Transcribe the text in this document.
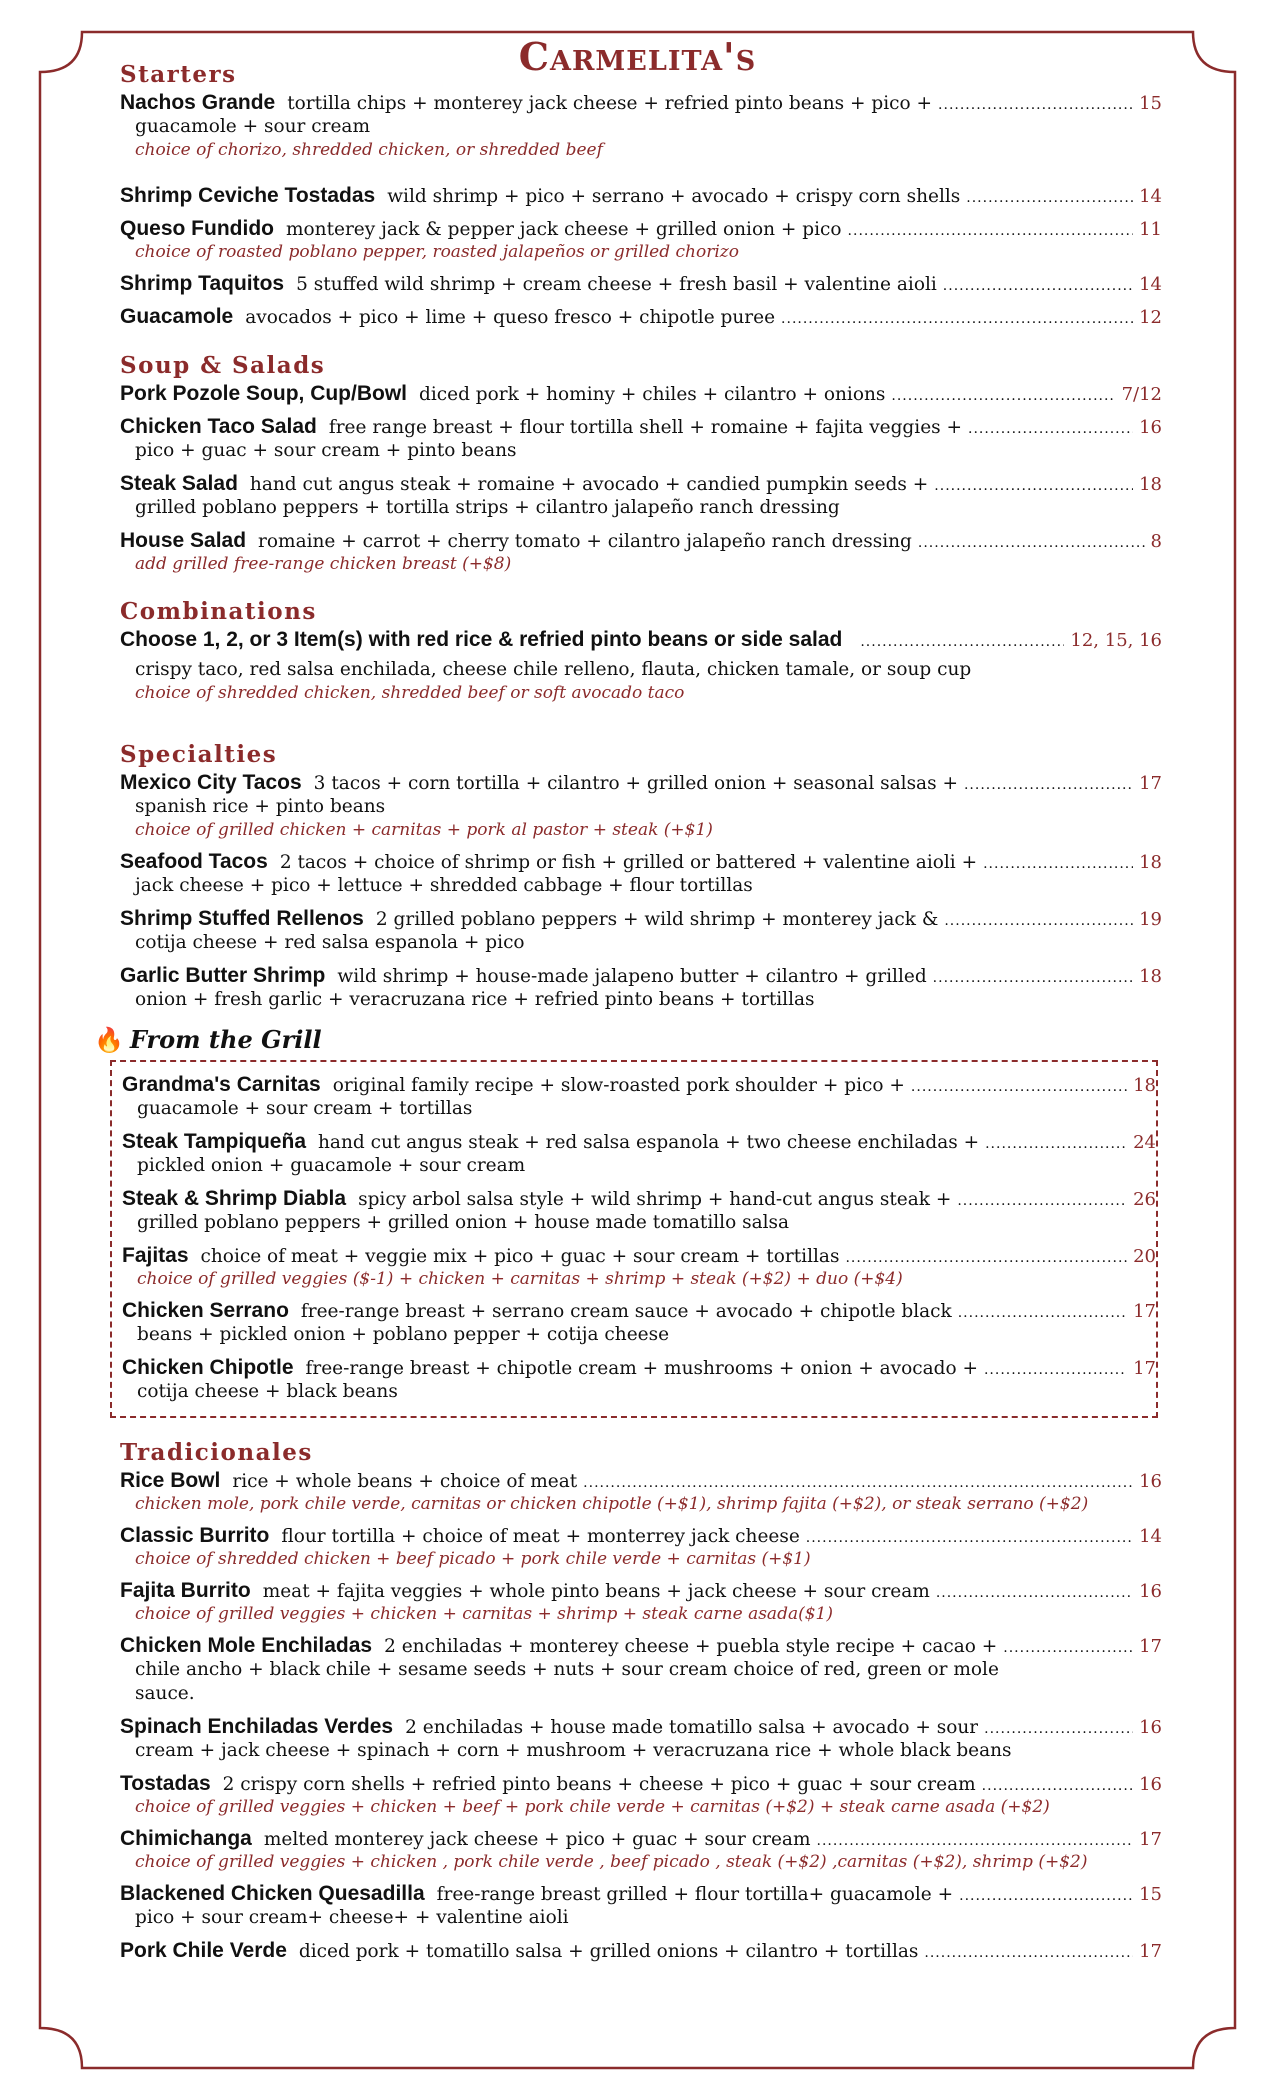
Carmelita's
Starters
Nachos Grande tortilla chips + monterey jack cheese + refried pinto beans + pico + .....	15
guacamole + sour cream
choice of chorizo, shredded chicken, or shredded beef
Shrimp Ceviche Tostadas wild shrimp + pico + serrano + avocado + crispy corn shells .....	14
Queso Fundido monterey jack & pepper jack cheese + grilled onion + pico .....	11
choice of roasted poblano pepper, roasted jalapeños or grilled chorizo
Shrimp Taquitos 5 stuffed wild shrimp + cream cheese + fresh basil + valentine aioli .....	14
Guacamole avocados + pico + lime + queso fresco + chipotle puree .....	12
Soup & Salads
Pork Pozole Soup, Cup/Bowl diced pork + hominy + chiles + cilantro + onions .....	7/12
Chicken Taco Salad free range breast + flour tortilla shell + romaine + fajita veggies + .....	16
pico + guac + sour cream + pinto beans
Steak Salad hand cut angus steak + romaine + avocado + candied pumpkin seeds + .....	18
grilled poblano peppers + tortilla strips + cilantro jalapeño ranch dressing
House Salad romaine + carrot + cherry tomato + cilantro jalapeño ranch dressing .....	8
add grilled free-range chicken breast (+$8)
Combinations
Choose 1, 2, or 3 Item(s) with red rice & refried pinto beans or side salad .....	12, 15, 16
crispy taco, red salsa enchilada, cheese chile relleno, flauta, chicken tamale, or soup cup
choice of shredded chicken, shredded beef or soft avocado taco
Specialties
Mexico City Tacos 3 tacos + corn tortilla + cilantro + grilled onion + seasonal salsas + .....	17
spanish rice + pinto beans
choice of grilled chicken + carnitas + pork al pastor + steak (+$1)
Seafood Tacos 2 tacos + choice of shrimp or fish + grilled or battered + valentine aioli + .....	18
jack cheese + pico + lettuce + shredded cabbage + flour tortillas
Shrimp Stuffed Rellenos 2 grilled poblano peppers + wild shrimp + monterey jack & .....	19
cotija cheese + red salsa espanola + pico
Garlic Butter Shrimp wild shrimp + house-made jalapeno butter + cilantro + grilled .....	18
onion + fresh garlic + veracruzana rice + refried pinto beans + tortillas
🔥 From the Grill
Grandma's Carnitas original family recipe + slow-roasted pork shoulder + pico + .....	18
guacamole + sour cream + tortillas
Steak Tampiqueña hand cut angus steak + red salsa espanola + two cheese enchiladas + .....	24
pickled onion + guacamole + sour cream
Steak & Shrimp Diabla spicy arbol salsa style + wild shrimp + hand-cut angus steak + .....	26
grilled poblano peppers + grilled onion + house made tomatillo salsa
Fajitas choice of meat + veggie mix + pico + guac + sour cream + tortillas .....	20
choice of grilled veggies ($-1) + chicken + carnitas + shrimp + steak (+$2) + duo (+$4)
Chicken Serrano free-range breast + serrano cream sauce + avocado + chipotle black .....	17
beans + pickled onion + poblano pepper + cotija cheese
Chicken Chipotle free-range breast + chipotle cream + mushrooms + onion + avocado + .....	17
cotija cheese + black beans
Tradicionales
Rice Bowl rice + whole beans + choice of meat .....	16
chicken mole, pork chile verde, carnitas or chicken chipotle (+$1), shrimp fajita (+$2), or steak serrano (+$2)
Classic Burrito flour tortilla + choice of meat + monterrey jack cheese .....	14
choice of shredded chicken + beef picado + pork chile verde + carnitas (+$1)
Fajita Burrito meat + fajita veggies + whole pinto beans + jack cheese + sour cream .....	16
choice of grilled veggies + chicken + carnitas + shrimp + steak carne asada($1)
Chicken Mole Enchiladas 2 enchiladas + monterey cheese + puebla style recipe + cacao + .....	17
chile ancho + black chile + sesame seeds + nuts + sour cream choice of red, green or mole
sauce.
Spinach Enchiladas Verdes 2 enchiladas + house made tomatillo salsa + avocado + sour .....	16
cream + jack cheese + spinach + corn + mushroom + veracruzana rice + whole black beans
Tostadas 2 crispy corn shells + refried pinto beans + cheese + pico + guac + sour cream .....	16
choice of grilled veggies + chicken + beef + pork chile verde + carnitas (+$2) + steak carne asada (+$2)
Chimichanga melted monterey jack cheese + pico + guac + sour cream .....	17
choice of grilled veggies + chicken , pork chile verde , beef picado , steak (+$2) ,carnitas (+$2), shrimp (+$2)
Blackened Chicken Quesadilla free-range breast grilled + flour tortilla+ guacamole + .....	15
pico + sour cream+ cheese+ + valentine aioli
Pork Chile Verde diced pork + tomatillo salsa + grilled onions + cilantro + tortillas .....	17
